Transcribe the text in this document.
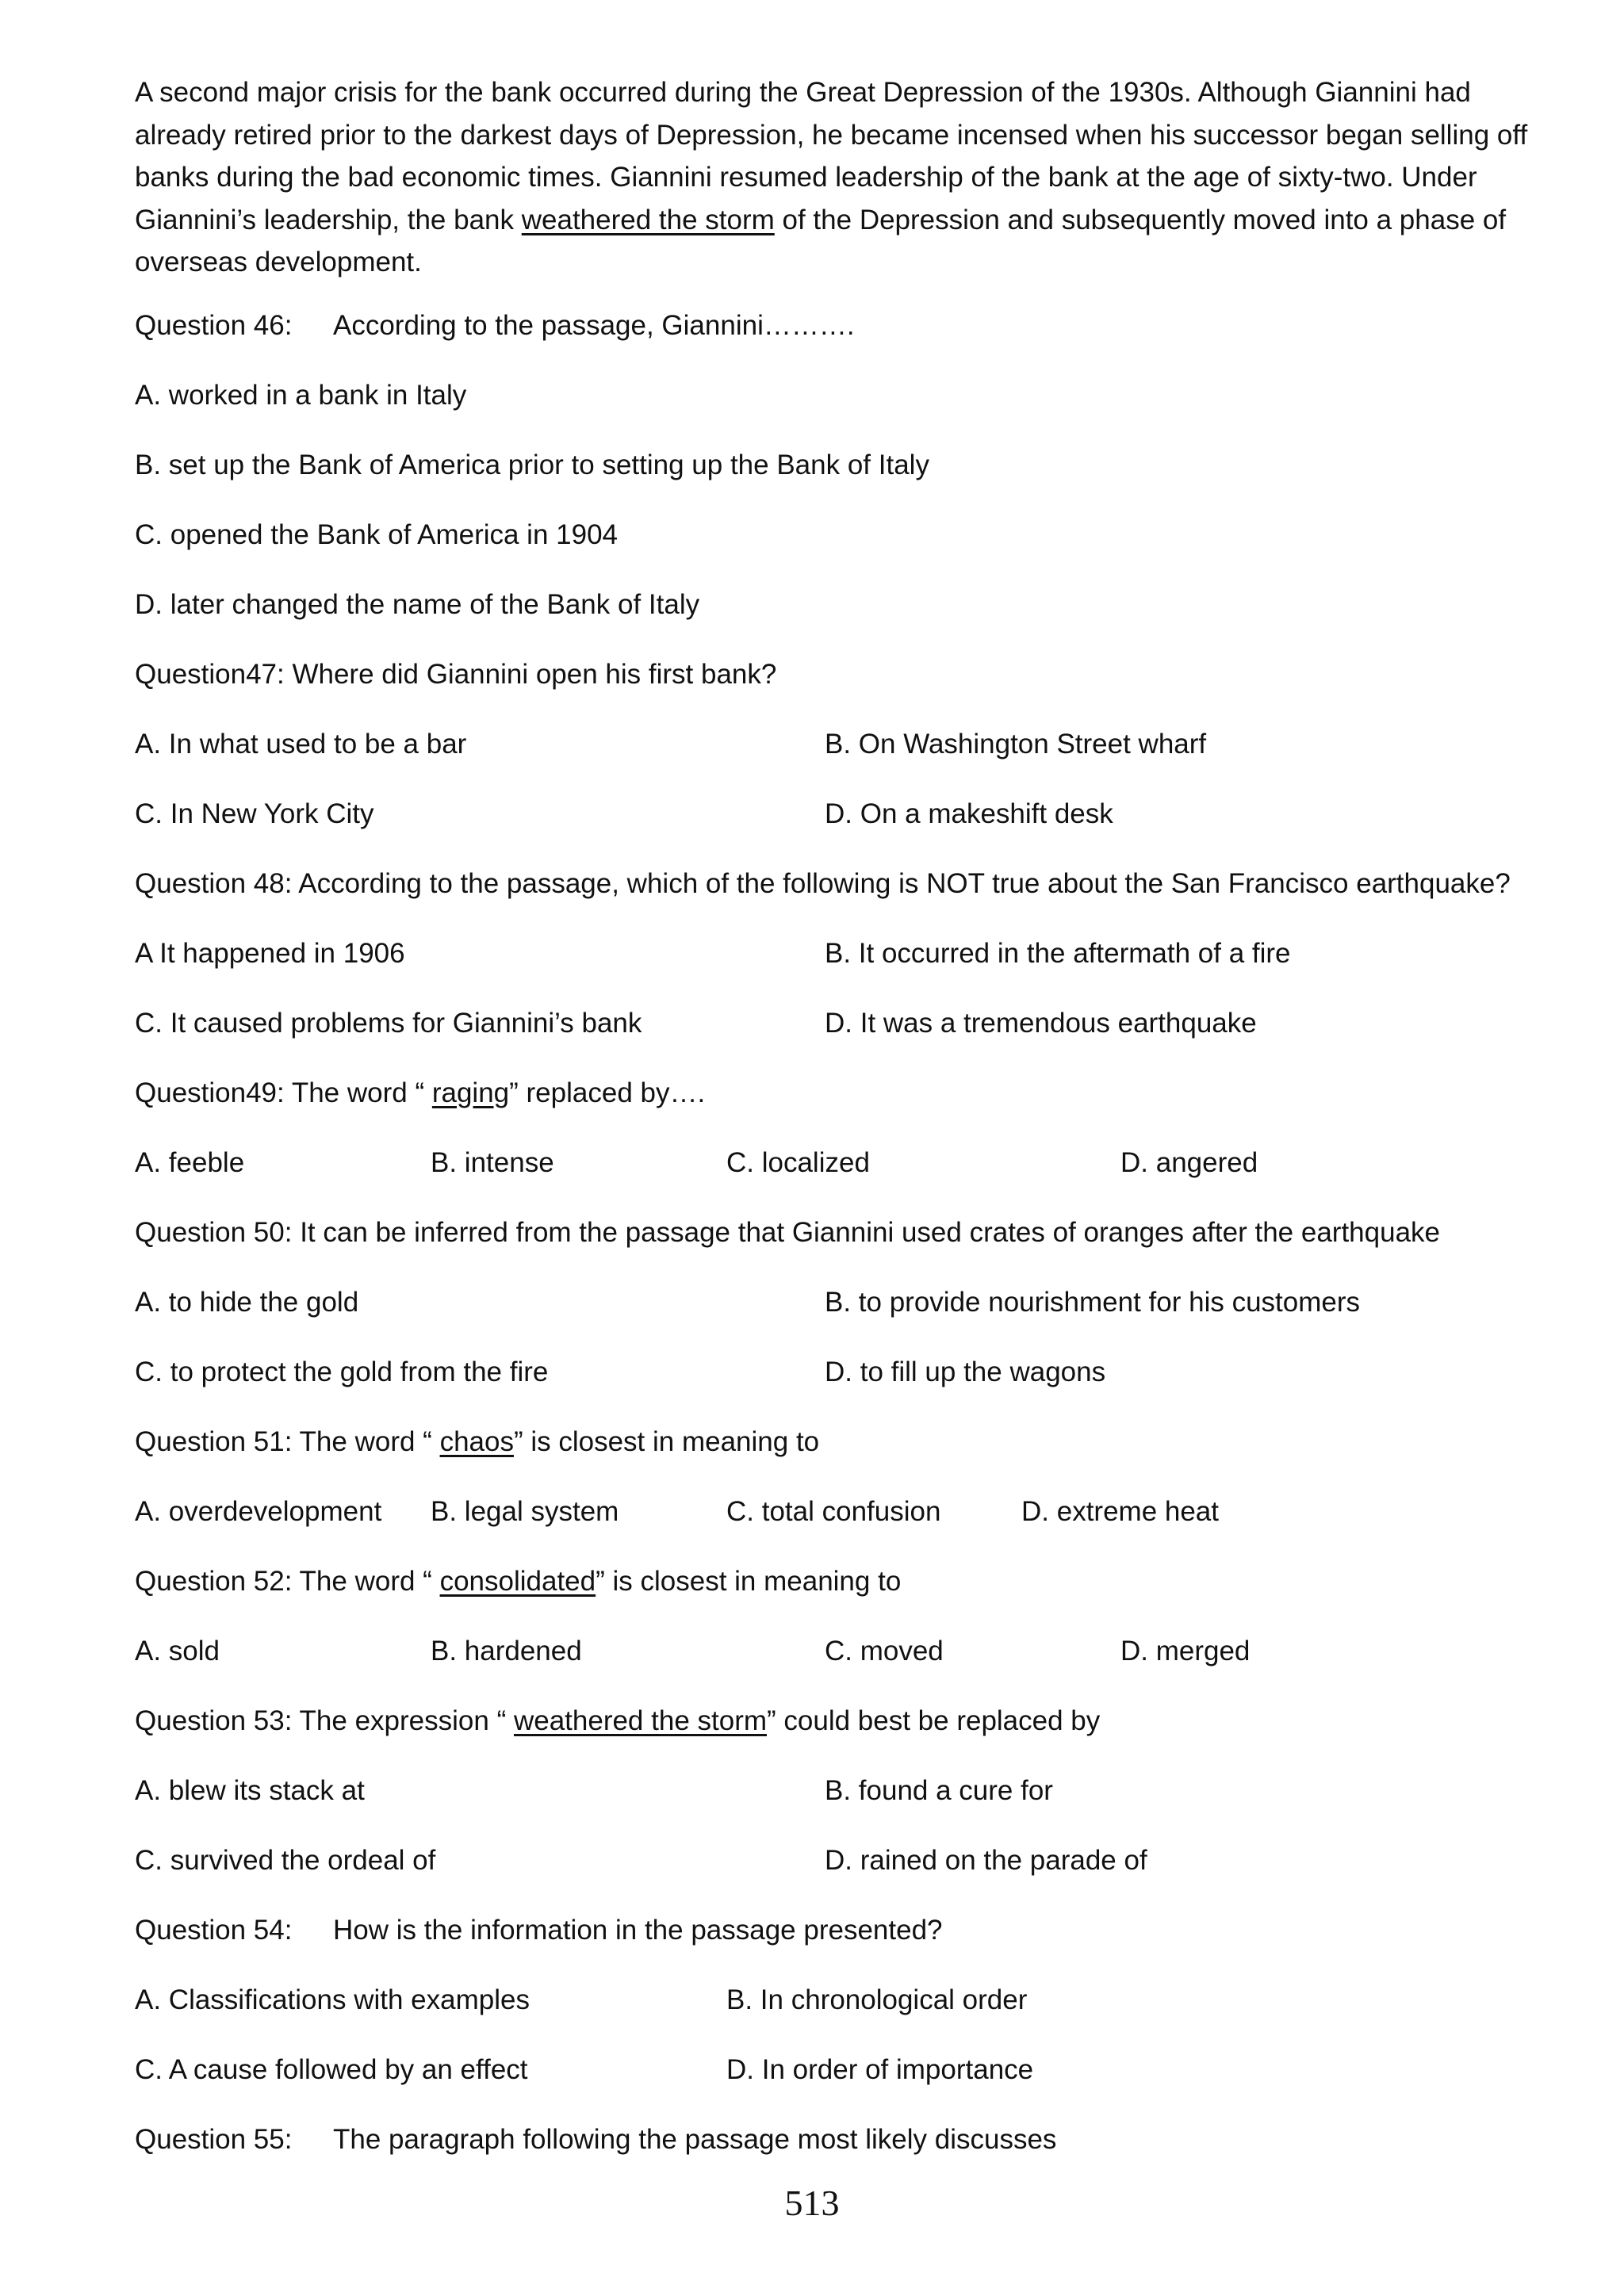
A second major crisis for the bank occurred during the Great Depression of the 1930s. Although Giannini had already retired prior to the darkest days of Depression, he became incensed when his successor began selling off banks during the bad economic times. Giannini resumed leadership of the bank at the age of sixty-two. Under Giannini’s leadership, the bank weathered the storm of the Depression and subsequently moved into a phase of overseas development.

Question 46: According to the passage, Giannini……….
A. worked in a bank in Italy
B. set up the Bank of America prior to setting up the Bank of Italy
C. opened the Bank of America in 1904
D. later changed the name of the Bank of Italy
Question47: Where did Giannini open his first bank?
A. In what used to be a bar	B. On Washington Street wharf
C. In New York City	D. On a makeshift desk
Question 48: According to the passage, which of the following is NOT true about the San Francisco earthquake?
A It happened in 1906	B. It occurred in the aftermath of a fire
C. It caused problems for Giannini’s bank	D. It was a tremendous earthquake
Question49: The word “ raging” replaced by….
A. feeble	B. intense	C. localized	D. angered
Question 50: It can be inferred from the passage that Giannini used crates of oranges after the earthquake
A. to hide the gold	B. to provide nourishment for his customers
C. to protect the gold from the fire	D. to fill up the wagons
Question 51: The word “ chaos” is closest in meaning to
A. overdevelopment B. legal system	C. total confusion	D. extreme heat
Question 52: The word “ consolidated” is closest in meaning to
A. sold	B. hardened	C. moved	D. merged
Question 53: The expression “ weathered the storm” could best be replaced by
A. blew its stack at	B. found a cure for
C. survived the ordeal of	D. rained on the parade of
Question 54: How is the information in the passage presented?
A. Classifications with examples	B. In chronological order
C. A cause followed by an effect	D. In order of importance
Question 55: The paragraph following the passage most likely discusses
513
